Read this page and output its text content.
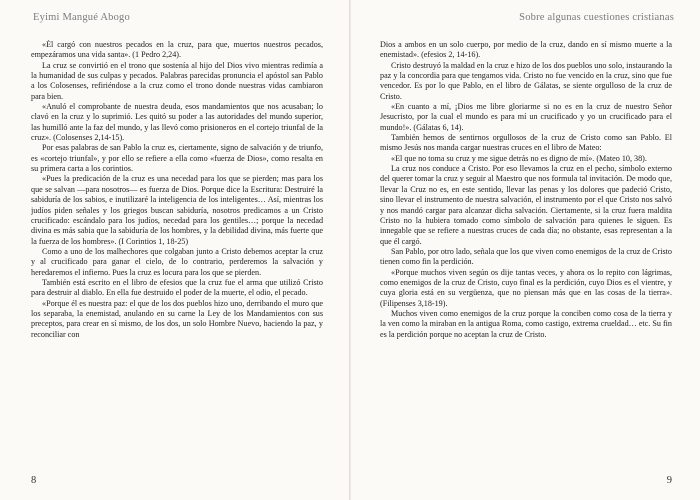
Eyimi Mangué Abogo

«Él cargó con nuestros pecados en la cruz, para que, muertos nuestros pecados, empezáramos una vida santa». (1 Pedro 2,24).

La cruz se convirtió en el trono que sostenía al hijo del Dios vivo mientras redimía a la humanidad de sus culpas y pecados. Palabras parecidas pronuncia el apóstol san Pablo a los Colosenses, refiriéndose a la cruz como el trono donde nuestras vidas cambiaron para bien.

«Anuló el comprobante de nuestra deuda, esos mandamientos que nos acusaban; lo clavó en la cruz y lo suprimió. Les quitó su poder a las autoridades del mundo superior, las humilló ante la faz del mundo, y las llevó como prisioneros en el cortejo triunfal de la cruz». (Colosenses 2,14-15).

Por esas palabras de san Pablo la cruz es, ciertamente, signo de salvación y de triunfo, es «cortejo triunfal», y por ello se refiere a ella como «fuerza de Dios», como resalta en su primera carta a los corintios.

«Pues la predicación de la cruz es una necedad para los que se pierden; mas para los que se salvan —para nosotros— es fuerza de Dios. Porque dice la Escritura: Destruiré la sabiduría de los sabios, e inutilizaré la inteligencia de los inteligentes… Así, mientras los judíos piden señales y los griegos buscan sabiduría, nosotros predicamos a un Cristo crucificado: escándalo para los judíos, necedad para los gentiles…; porque la necedad divina es más sabia que la sabiduría de los hombres, y la debilidad divina, más fuerte que la fuerza de los hombres». (I Corintios 1, 18-25)

Como a uno de los malhechores que colgaban junto a Cristo debemos aceptar la cruz y al crucificado para ganar el cielo, de lo contrario, perderemos la salvación y heredaremos el infierno. Pues la cruz es locura para los que se pierden.

También está escrito en el libro de efesios que la cruz fue el arma que utilizó Cristo para destruir al diablo. En ella fue destruido el poder de la muerte, el odio, el pecado.

«Porque él es nuestra paz: el que de los dos pueblos hizo uno, derribando el muro que los separaba, la enemistad, anulando en su carne la Ley de los Mandamientos con sus preceptos, para crear en sí mismo, de los dos, un solo Hombre Nuevo, haciendo la paz, y reconciliar con

8
Sobre algunas cuestiones cristianas

Dios a ambos en un solo cuerpo, por medio de la cruz, dando en sí mismo muerte a la enemistad». (efesios 2, 14-16).

Cristo destruyó la maldad en la cruz e hizo de los dos pueblos uno solo, instaurando la paz y la concordia para que tengamos vida. Cristo no fue vencido en la cruz, sino que fue vencedor. Es por lo que Pablo, en el libro de Gálatas, se siente orgulloso de la cruz de Cristo.

«En cuanto a mí, ¡Dios me libre gloriarme si no es en la cruz de nuestro Señor Jesucristo, por la cual el mundo es para mí un crucificado y yo un crucificado para el mundo!». (Gálatas 6, 14).

También hemos de sentirnos orgullosos de la cruz de Cristo como san Pablo. El mismo Jesús nos manda cargar nuestras cruces en el libro de Mateo:

«El que no toma su cruz y me sigue detrás no es digno de mí». (Mateo 10, 38).

La cruz nos conduce a Cristo. Por eso llevamos la cruz en el pecho, símbolo externo del querer tomar la cruz y seguir al Maestro que nos formula tal invitación. De modo que, llevar la Cruz no es, en este sentido, llevar las penas y los dolores que padeció Cristo, sino llevar el instrumento de nuestra salvación, el instrumento por el que Cristo nos salvó y nos mandó cargar para alcanzar dicha salvación. Ciertamente, si la cruz fuera maldita Cristo no la hubiera tomado como símbolo de salvación para quienes le siguen. Es innegable que se refiere a nuestras cruces de cada día; no obstante, esas representan a la que él cargó.

San Pablo, por otro lado, señala que los que viven como enemigos de la cruz de Cristo tienen como fin la perdición.

«Porque muchos viven según os dije tantas veces, y ahora os lo repito con lágrimas, como enemigos de la cruz de Cristo, cuyo final es la perdición, cuyo Dios es el vientre, y cuya gloria está en su vergüenza, que no piensan más que en las cosas de la tierra». (Filipenses 3,18-19).

Muchos viven como enemigos de la cruz porque la conciben como cosa de la tierra y la ven como la miraban en la antigua Roma, como castigo, extrema crueldad… etc. Su fin es la perdición porque no aceptan la cruz de Cristo.

9
